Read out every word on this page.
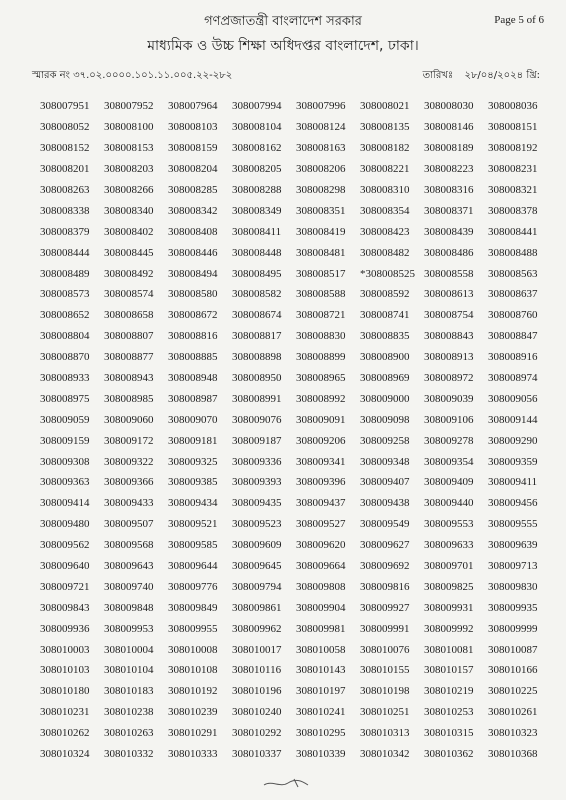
গণপ্রজাতন্ত্রী বাংলাদেশ সরকার
মাধ্যমিক ও উচ্চ শিক্ষা অধিদপ্তর বাংলাদেশ, ঢাকা।
Page 5 of 6
স্মারক নং ৩৭.০২.০০০০.১০১.১১.০০৫.২২-২৮২	তারিখঃ ২৮/০৪/২০২৪ খ্রি:
308007951	308007952	308007964	308007994	308007996	308008021	308008030	308008036
308008052	308008100	308008103	308008104	308008124	308008135	308008146	308008151
308008152	308008153	308008159	308008162	308008163	308008182	308008189	308008192
308008201	308008203	308008204	308008205	308008206	308008221	308008223	308008231
308008263	308008266	308008285	308008288	308008298	308008310	308008316	308008321
308008338	308008340	308008342	308008349	308008351	308008354	308008371	308008378
308008379	308008402	308008408	308008411	308008419	308008423	308008439	308008441
308008444	308008445	308008446	308008448	308008481	308008482	308008486	308008488
308008489	308008492	308008494	308008495	308008517	*308008525 308008558	308008563
308008573	308008574	308008580	308008582	308008588	308008592	308008613	308008637
308008652	308008658	308008672	308008674	308008721	308008741	308008754	308008760
308008804	308008807	308008816	308008817	308008830	308008835	308008843	308008847
308008870	308008877	308008885	308008898	308008899	308008900	308008913	308008916
308008933	308008943	308008948	308008950	308008965	308008969	308008972	308008974
308008975	308008985	308008987	308008991	308008992	308009000	308009039	308009056
308009059	308009060	308009070	308009076	308009091	308009098	308009106	308009144
308009159	308009172	308009181	308009187	308009206	308009258	308009278	308009290
308009308	308009322	308009325	308009336	308009341	308009348	308009354	308009359
308009363	308009366	308009385	308009393	308009396	308009407	308009409	308009411
308009414	308009433	308009434	308009435	308009437	308009438	308009440	308009456
308009480	308009507	308009521	308009523	308009527	308009549	308009553	308009555
308009562	308009568	308009585	308009609	308009620	308009627	308009633	308009639
308009640	308009643	308009644	308009645	308009664	308009692	308009701	308009713
308009721	308009740	308009776	308009794	308009808	308009816	308009825	308009830
308009843	308009848	308009849	308009861	308009904	308009927	308009931	308009935
308009936	308009953	308009955	308009962	308009981	308009991	308009992	308009999
308010003	308010004	308010008	308010017	308010058	308010076	308010081	308010087
308010103	308010104	308010108	308010116	308010143	308010155	308010157	308010166
308010180	308010183	308010192	308010196	308010197	308010198	308010219	308010225
308010231	308010238	308010239	308010240	308010241	308010251	308010253	308010261
308010262	308010263	308010291	308010292	308010295	308010313	308010315	308010323
308010324	308010332	308010333	308010337	308010339	308010342	308010362	308010368
